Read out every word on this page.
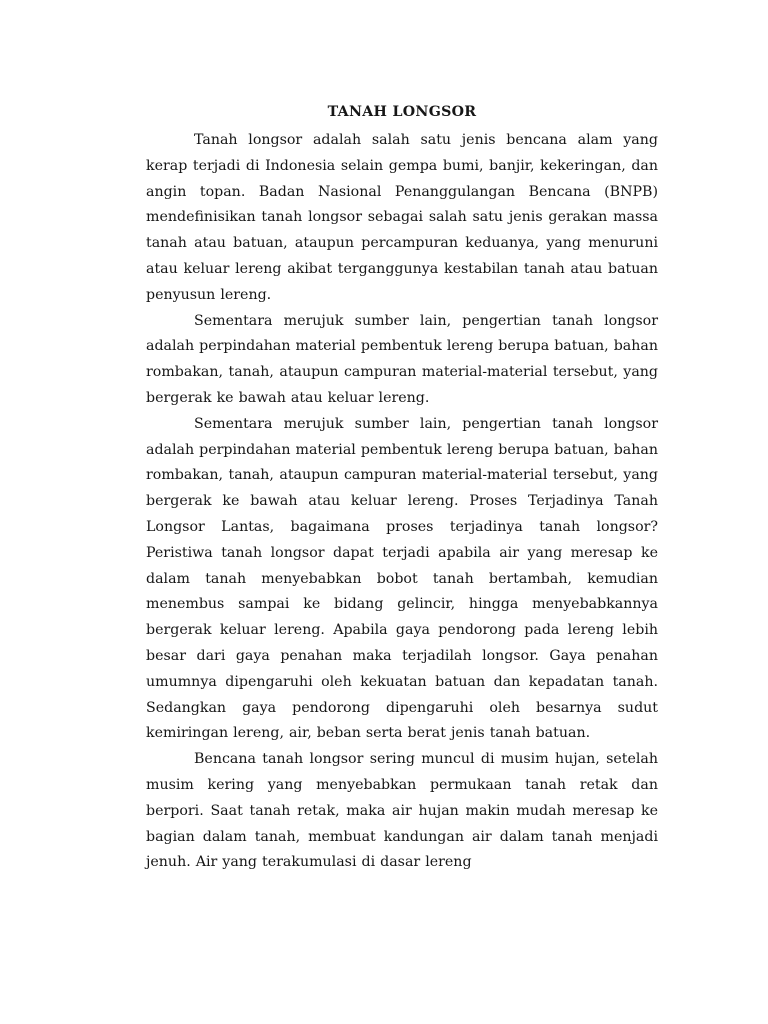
TANAH LONGSOR

Tanah longsor adalah salah satu jenis bencana alam yang kerap terjadi di Indonesia selain gempa bumi, banjir, kekeringan, dan angin topan. Badan Nasional Penanggulangan Bencana (BNPB) mendefinisikan tanah longsor sebagai salah satu jenis gerakan massa tanah atau batuan, ataupun percampuran keduanya, yang menuruni atau keluar lereng akibat terganggunya kestabilan tanah atau batuan penyusun lereng.

Sementara merujuk sumber lain, pengertian tanah longsor adalah perpindahan material pembentuk lereng berupa batuan, bahan rombakan, tanah, ataupun campuran material-material tersebut, yang bergerak ke bawah atau keluar lereng.

Sementara merujuk sumber lain, pengertian tanah longsor adalah perpindahan material pembentuk lereng berupa batuan, bahan rombakan, tanah, ataupun campuran material-material tersebut, yang bergerak ke bawah atau keluar lereng. Proses Terjadinya Tanah Longsor Lantas, bagaimana proses terjadinya tanah longsor? Peristiwa tanah longsor dapat terjadi apabila air yang meresap ke dalam tanah menyebabkan bobot tanah bertambah, kemudian menembus sampai ke bidang gelincir, hingga menyebabkannya bergerak keluar lereng. Apabila gaya pendorong pada lereng lebih besar dari gaya penahan maka terjadilah longsor. Gaya penahan umumnya dipengaruhi oleh kekuatan batuan dan kepadatan tanah. Sedangkan gaya pendorong dipengaruhi oleh besarnya sudut kemiringan lereng, air, beban serta berat jenis tanah batuan.

Bencana tanah longsor sering muncul di musim hujan, setelah musim kering yang menyebabkan permukaan tanah retak dan berpori. Saat tanah retak, maka air hujan makin mudah meresap ke bagian dalam tanah, membuat kandungan air dalam tanah menjadi jenuh. Air yang terakumulasi di dasar lereng
